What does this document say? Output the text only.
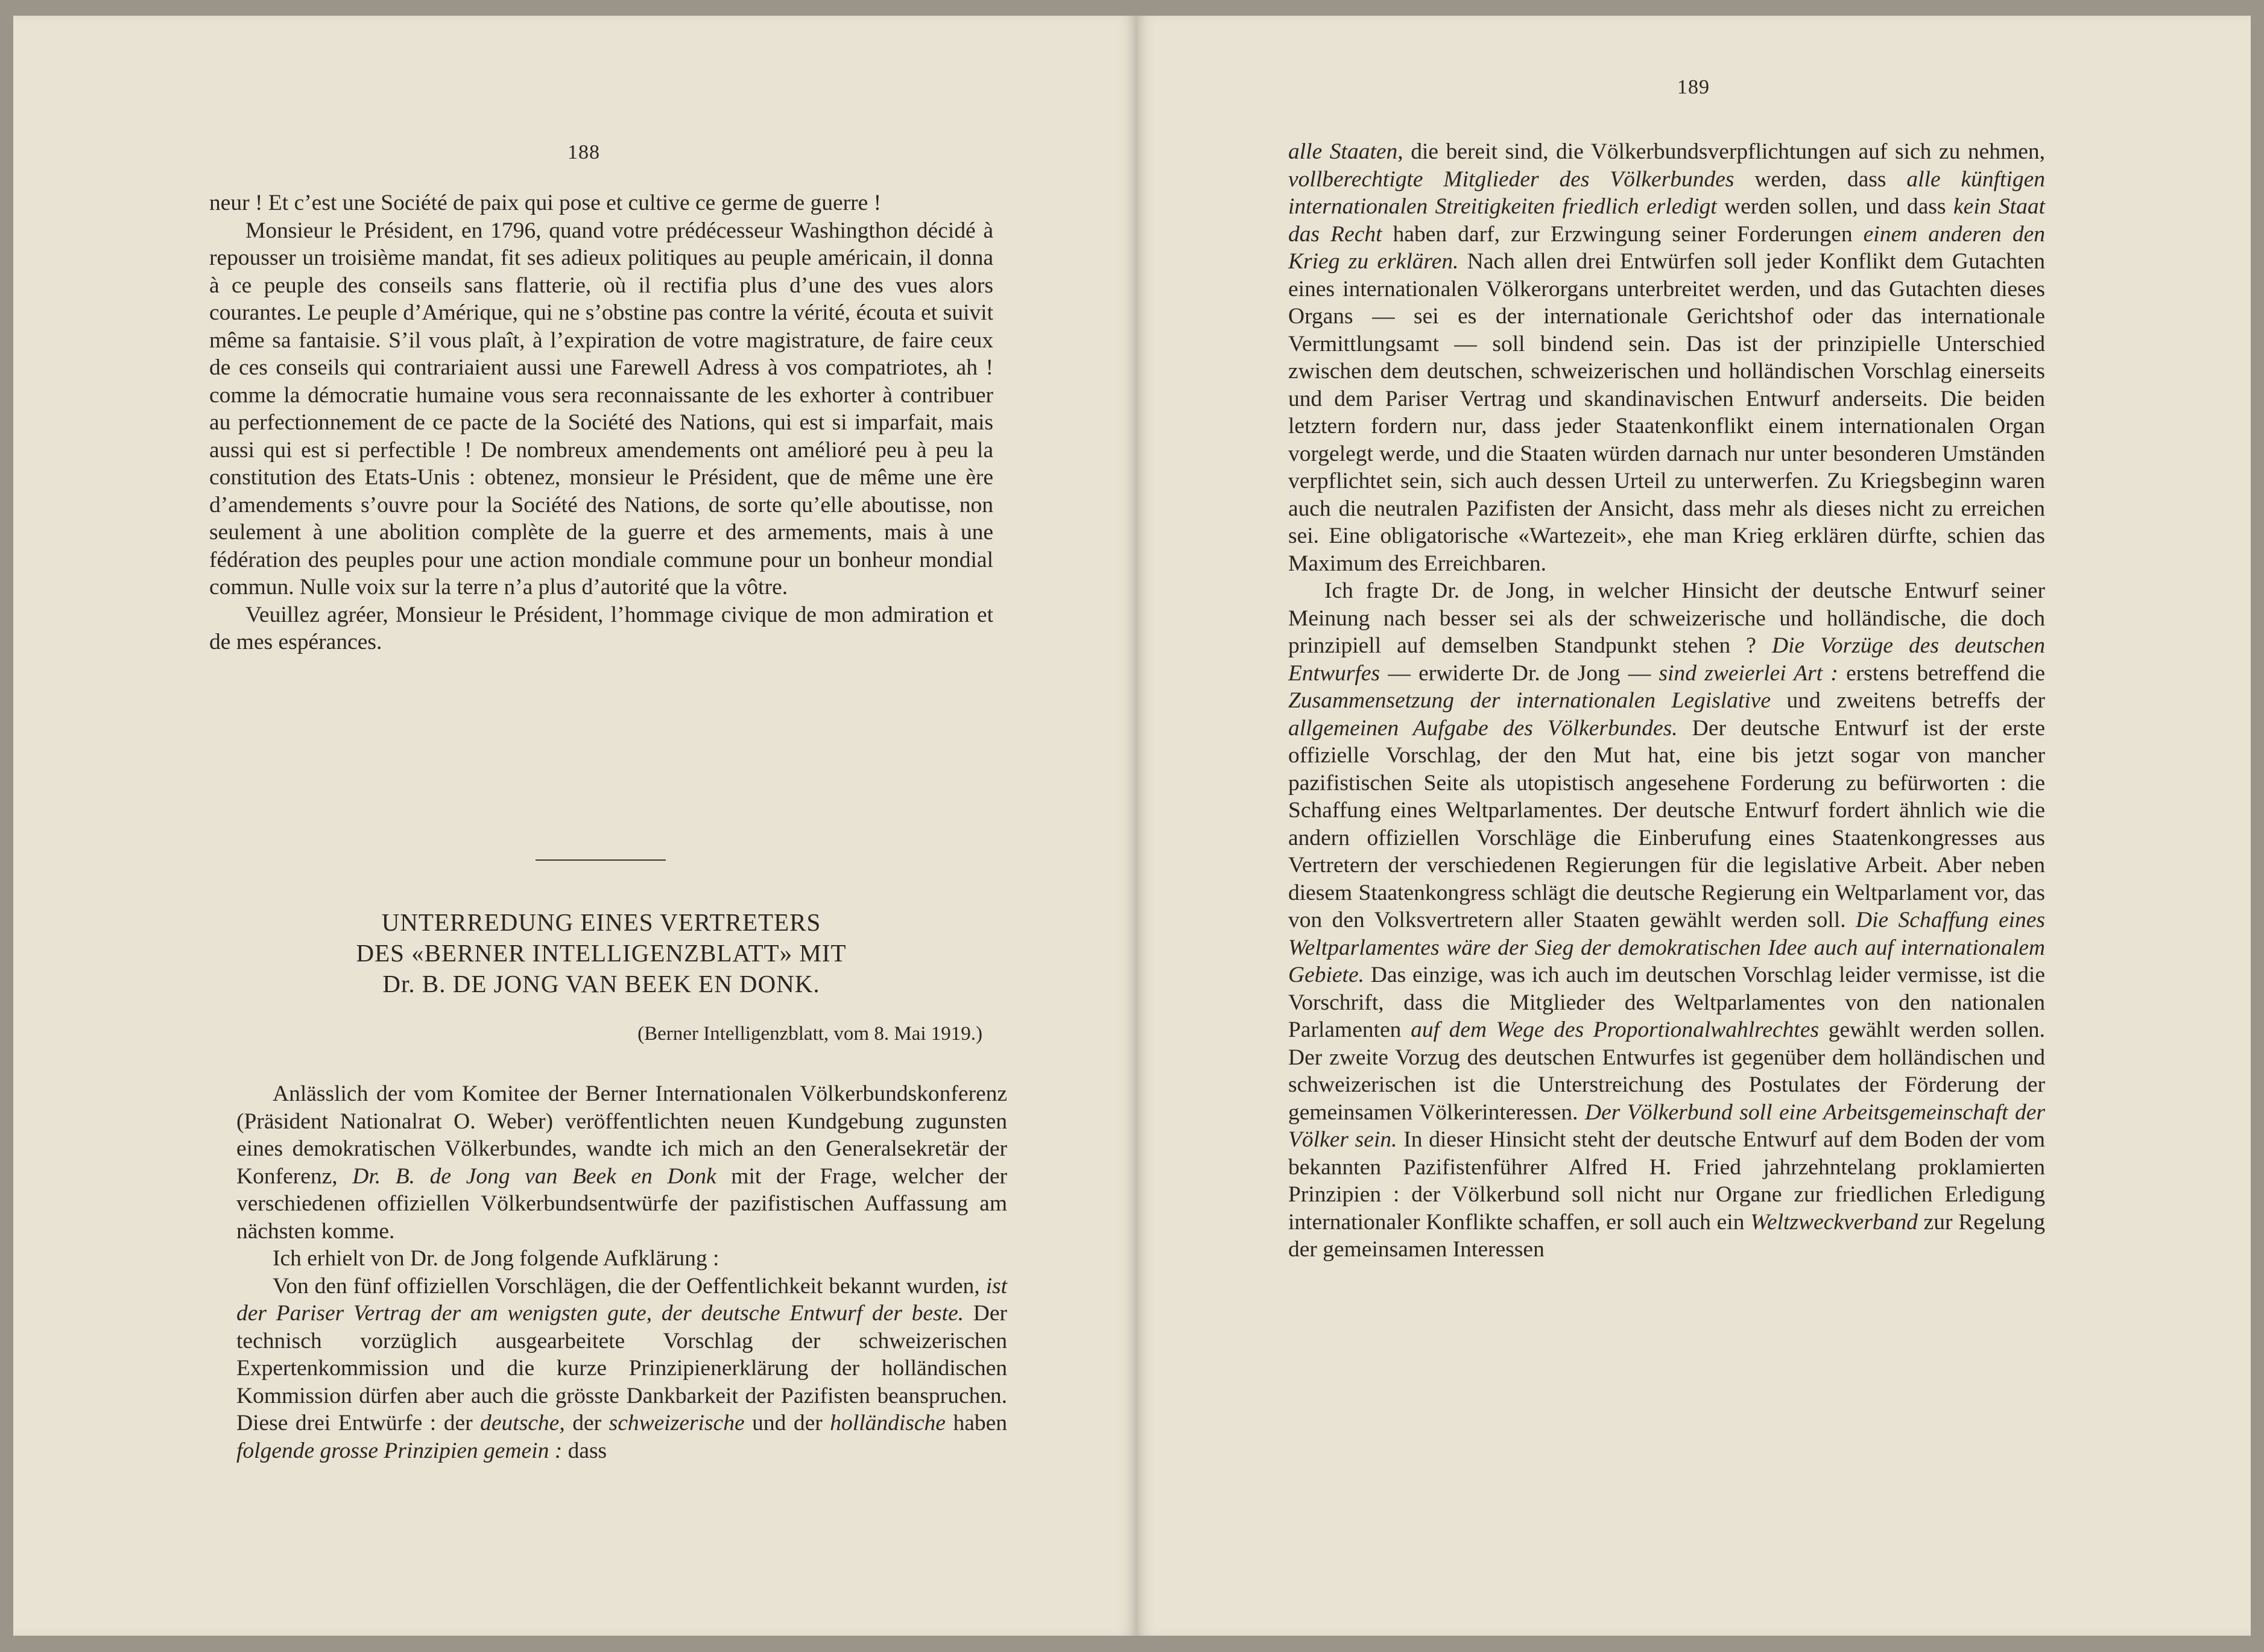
188

neur ! Et c’est une Société de paix qui pose et cultive ce germe de guerre !

Monsieur le Président, en 1796, quand votre prédécesseur Washingthon décidé à repousser un troisième mandat, fit ses adieux politiques au peuple américain, il donna à ce peuple des conseils sans flatterie, où il rectifia plus d’une des vues alors courantes. Le peuple d’Amérique, qui ne s’obstine pas contre la vérité, écouta et suivit même sa fantaisie. S’il vous plaît, à l’expiration de votre magistrature, de faire ceux de ces conseils qui contrariaient aussi une Farewell Adress à vos compatriotes, ah ! comme la démocratie humaine vous sera reconnaissante de les exhorter à contribuer au perfectionnement de ce pacte de la Société des Nations, qui est si imparfait, mais aussi qui est si perfectible ! De nombreux amendements ont amélioré peu à peu la constitution des Etats-Unis : obtenez, monsieur le Président, que de même une ère d’amendements s’ouvre pour la Société des Nations, de sorte qu’elle aboutisse, non seulement à une abolition complète de la guerre et des armements, mais à une fédération des peuples pour une action mondiale commune pour un bonheur mondial commun. Nulle voix sur la terre n’a plus d’autorité que la vôtre.

Veuillez agréer, Monsieur le Président, l’hommage civique de mon admiration et de mes espérances.

UNTERREDUNG EINES VERTRETERS
DES «BERNER INTELLIGENZBLATT» MIT
Dr. B. DE JONG VAN BEEK EN DONK.
(Berner Intelligenzblatt, vom 8. Mai 1919.)

Anlässlich der vom Komitee der Berner Internationalen Völkerbundskonferenz (Präsident Nationalrat O. Weber) veröffentlichten neuen Kundgebung zugunsten eines demokratischen Völkerbundes, wandte ich mich an den Generalsekretär der Konferenz, Dr. B. de Jong van Beek en Donk mit der Frage, welcher der verschiedenen offiziellen Völkerbundsentwürfe der pazifistischen Auffassung am nächsten komme.

Ich erhielt von Dr. de Jong folgende Aufklärung :

Von den fünf offiziellen Vorschlägen, die der Oeffentlichkeit bekannt wurden, ist der Pariser Vertrag der am wenigsten gute, der deutsche Entwurf der beste. Der technisch vorzüglich ausgearbeitete Vorschlag der schweizerischen Expertenkommission und die kurze Prinzipienerklärung der holländischen Kommission dürfen aber auch die grösste Dankbarkeit der Pazifisten beanspruchen. Diese drei Entwürfe : der deutsche, der schweizerische und der holländische haben folgende grosse Prinzipien gemein : dass

189

alle Staaten, die bereit sind, die Völkerbundsverpflichtungen auf sich zu nehmen, vollberechtigte Mitglieder des Völkerbundes werden, dass alle künftigen internationalen Streitigkeiten friedlich erledigt werden sollen, und dass kein Staat das Recht haben darf, zur Erzwingung seiner Forderungen einem anderen den Krieg zu erklären. Nach allen drei Entwürfen soll jeder Konflikt dem Gutachten eines internationalen Völkerorgans unterbreitet werden, und das Gutachten dieses Organs — sei es der internationale Gerichtshof oder das internationale Vermittlungsamt — soll bindend sein. Das ist der prinzipielle Unterschied zwischen dem deutschen, schweizerischen und holländischen Vorschlag einerseits und dem Pariser Vertrag und skandinavischen Entwurf anderseits. Die beiden letztern fordern nur, dass jeder Staatenkonflikt einem internationalen Organ vorgelegt werde, und die Staaten würden darnach nur unter besonderen Umständen verpflichtet sein, sich auch dessen Urteil zu unterwerfen. Zu Kriegsbeginn waren auch die neutralen Pazifisten der Ansicht, dass mehr als dieses nicht zu erreichen sei. Eine obligatorische «Wartezeit», ehe man Krieg erklären dürfte, schien das Maximum des Erreichbaren.

Ich fragte Dr. de Jong, in welcher Hinsicht der deutsche Entwurf seiner Meinung nach besser sei als der schweizerische und holländische, die doch prinzipiell auf demselben Standpunkt stehen ? Die Vorzüge des deutschen Entwurfes — erwiderte Dr. de Jong — sind zweierlei Art : erstens betreffend die Zusammensetzung der internationalen Legislative und zweitens betreffs der allgemeinen Aufgabe des Völkerbundes. Der deutsche Entwurf ist der erste offizielle Vorschlag, der den Mut hat, eine bis jetzt sogar von mancher pazifistischen Seite als utopistisch angesehene Forderung zu befürworten : die Schaffung eines Weltparlamentes. Der deutsche Entwurf fordert ähnlich wie die andern offiziellen Vorschläge die Einberufung eines Staatenkongresses aus Vertretern der verschiedenen Regierungen für die legislative Arbeit. Aber neben diesem Staatenkongress schlägt die deutsche Regierung ein Weltparlament vor, das von den Volksvertretern aller Staaten gewählt werden soll. Die Schaffung eines Weltparlamentes wäre der Sieg der demokratischen Idee auch auf internationalem Gebiete. Das einzige, was ich auch im deutschen Vorschlag leider vermisse, ist die Vorschrift, dass die Mitglieder des Weltparlamentes von den nationalen Parlamenten auf dem Wege des Proportionalwahlrechtes gewählt werden sollen. Der zweite Vorzug des deutschen Entwurfes ist gegenüber dem holländischen und schweizerischen ist die Unterstreichung des Postulates der Förderung der gemeinsamen Völkerinteressen. Der Völkerbund soll eine Arbeitsgemeinschaft der Völker sein. In dieser Hinsicht steht der deutsche Entwurf auf dem Boden der vom bekannten Pazifistenführer Alfred H. Fried jahrzehntelang proklamierten Prinzipien : der Völkerbund soll nicht nur Organe zur friedlichen Erledigung internationaler Konflikte schaffen, er soll auch ein Weltzweckverband zur Regelung der gemeinsamen Interessen
